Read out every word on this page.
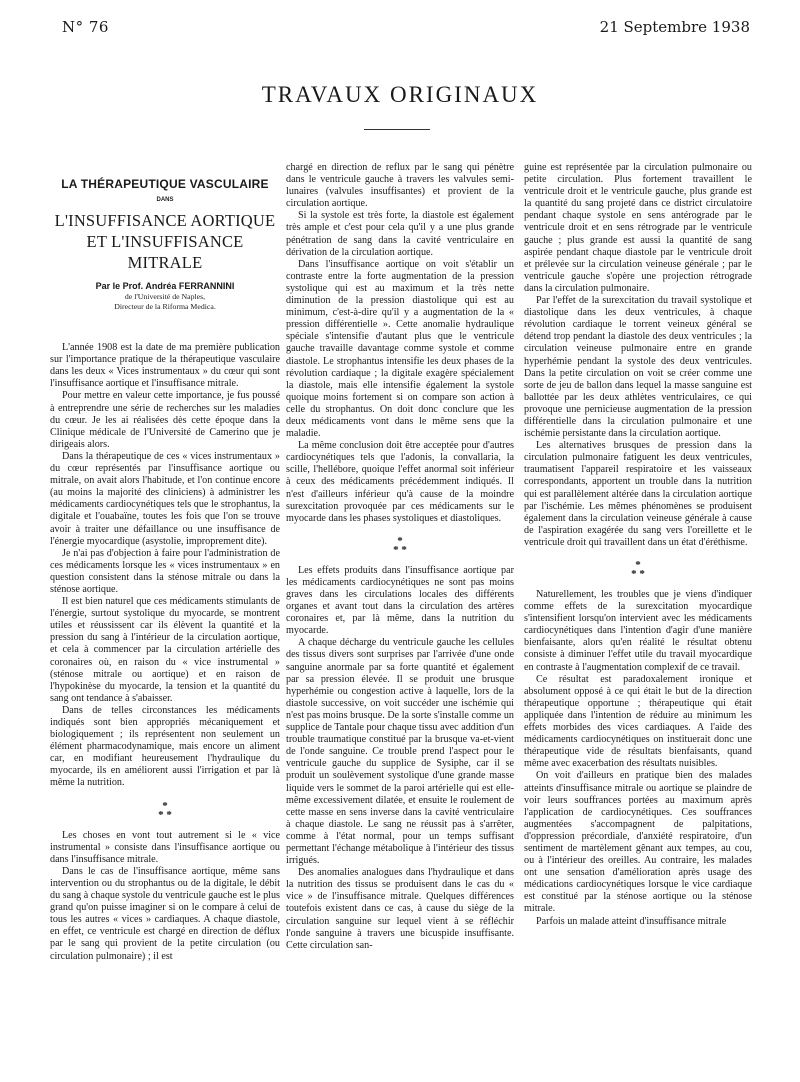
N° 76	21 Septembre 1938
TRAVAUX ORIGINAUX
LA THÉRAPEUTIQUE VASCULAIRE
DANS
L'INSUFFISANCE AORTIQUE
ET L'INSUFFISANCE MITRALE
Par le Prof. Andréa FERRANNINI
de l'Université de Naples,
Directeur de la Riforma Medica.

L'année 1908 est la date de ma première publication sur l'importance pratique de la thérapeutique vasculaire dans les deux « Vices instrumentaux » du cœur qui sont l'insuffisance aortique et l'insuffisance mitrale.

Pour mettre en valeur cette importance, je fus poussé à entreprendre une série de recherches sur les maladies du cœur. Je les ai réalisées dès cette époque dans la Clinique médicale de l'Université de Camerino que je dirigeais alors.

Dans la thérapeutique de ces « vices instrumentaux » du cœur représentés par l'insuffisance aortique ou mitrale, on avait alors l'habitude, et l'on continue encore (au moins la majorité des cliniciens) à administrer les médicaments cardiocynétiques tels que le strophantus, la digitale et l'ouabaïne, toutes les fois que l'on se trouve avoir à traiter une défaillance ou une insuffisance de l'énergie myocardique (asystolie, improprement dite).

Je n'ai pas d'objection à faire pour l'administration de ces médicaments lorsque les « vices instrumentaux » en question consistent dans la sténose mitrale ou dans la sténose aortique.

Il est bien naturel que ces médicaments stimulants de l'énergie, surtout systolique du myocarde, se montrent utiles et réussissent car ils élèvent la quantité et la pression du sang à l'intérieur de la circulation aortique, et cela à commencer par la circulation artérielle des coronaires où, en raison du « vice instrumental » (sténose mitrale ou aortique) et en raison de l'hypokinèse du myocarde, la tension et la quantité du sang ont tendance à s'abaisser.

Dans de telles circonstances les médicaments indiqués sont bien appropriés mécaniquement et biologiquement ; ils représentent non seulement un élément pharmacodynamique, mais encore un aliment car, en modifiant heureusement l'hydraulique du myocarde, ils en améliorent aussi l'irrigation et par là même la nutrition.

*
* *

Les choses en vont tout autrement si le « vice instrumental » consiste dans l'insuffisance aortique ou dans l'insuffisance mitrale.

Dans le cas de l'insuffisance aortique, même sans intervention ou du strophantus ou de la digitale, le débit du sang à chaque systole du ventricule gauche est le plus grand qu'on puisse imaginer si on le compare à celui de tous les autres « vices » cardiaques. A chaque diastole, en effet, ce ventricule est chargé en direction de déflux par le sang qui provient de la petite circulation (ou circulation pulmonaire) ; il est

chargé en direction de reflux par le sang qui pénètre dans le ventricule gauche à travers les valvules semi-lunaires (valvules insuffisantes) et provient de la circulation aortique.

Si la systole est très forte, la diastole est également très ample et c'est pour cela qu'il y a une plus grande pénétration de sang dans la cavité ventriculaire en dérivation de la circulation aortique.

Dans l'insuffisance aortique on voit s'établir un contraste entre la forte augmentation de la pression systolique qui est au maximum et la très nette diminution de la pression diastolique qui est au minimum, c'est-à-dire qu'il y a augmentation de la « pression différentielle ». Cette anomalie hydraulique spéciale s'intensifie d'autant plus que le ventricule gauche travaille davantage comme systole et comme diastole. Le strophantus intensifie les deux phases de la révolution cardiaque ; la digitale exagère spécialement la diastole, mais elle intensifie également la systole quoique moins fortement si on compare son action à celle du strophantus. On doit donc conclure que les deux médicaments vont dans le même sens que la maladie.

La même conclusion doit être acceptée pour d'autres cardiocynétiques tels que l'adonis, la convallaria, la scille, l'hellébore, quoique l'effet anormal soit inférieur à ceux des médicaments précédemment indiqués. Il n'est d'ailleurs inférieur qu'à cause de la moindre surexcitation provoquée par ces médicaments sur le myocarde dans les phases systoliques et diastoliques.

*
* *

Les effets produits dans l'insuffisance aortique par les médicaments cardiocynétiques ne sont pas moins graves dans les circulations locales des différents organes et avant tout dans la circulation des artères coronaires et, par là même, dans la nutrition du myocarde.

A chaque décharge du ventricule gauche les cellules des tissus divers sont surprises par l'arrivée d'une onde sanguine anormale par sa forte quantité et également par sa pression élevée. Il se produit une brusque hyperhémie ou congestion active à laquelle, lors de la diastole successive, on voit succéder une ischémie qui n'est pas moins brusque. De la sorte s'installe comme un supplice de Tantale pour chaque tissu avec addition d'un trouble traumatique constitué par la brusque va-et-vient de l'onde sanguine. Ce trouble prend l'aspect pour le ventricule gauche du supplice de Sysiphe, car il se produit un soulèvement systolique d'une grande masse liquide vers le sommet de la paroi artérielle qui est elle-même excessivement dilatée, et ensuite le roulement de cette masse en sens inverse dans la cavité ventriculaire à chaque diastole. Le sang ne réussit pas à s'arrêter, comme à l'état normal, pour un temps suffisant permettant l'échange métabolique à l'intérieur des tissus irrigués.

Des anomalies analogues dans l'hydraulique et dans la nutrition des tissus se produisent dans le cas du « vice » de l'insuffisance mitrale. Quelques différences toutefois existent dans ce cas, à cause du siège de la circulation sanguine sur lequel vient à se réfléchir l'onde sanguine à travers une bicuspide insuffisante. Cette circulation san-

guine est représentée par la circulation pulmonaire ou petite circulation. Plus fortement travaillent le ventricule droit et le ventricule gauche, plus grande est la quantité du sang projeté dans ce district circulatoire pendant chaque systole en sens antérograde par le ventricule droit et en sens rétrograde par le ventricule gauche ; plus grande est aussi la quantité de sang aspirée pendant chaque diastole par le ventricule droit et prélevée sur la circulation veineuse générale ; par le ventricule gauche s'opère une projection rétrograde dans la circulation pulmonaire.

Par l'effet de la surexcitation du travail systolique et diastolique dans les deux ventricules, à chaque révolution cardiaque le torrent veineux général se détend trop pendant la diastole des deux ventricules ; la circulation veineuse pulmonaire entre en grande hyperhémie pendant la systole des deux ventricules. Dans la petite circulation on voit se créer comme une sorte de jeu de ballon dans lequel la masse sanguine est ballottée par les deux athlètes ventriculaires, ce qui provoque une pernicieuse augmentation de la pression différentielle dans la circulation pulmonaire et une ischémie persistante dans la circulation aortique.

Les alternatives brusques de pression dans la circulation pulmonaire fatiguent les deux ventricules, traumatisent l'appareil respiratoire et les vaisseaux correspondants, apportent un trouble dans la nutrition qui est parallèlement altérée dans la circulation aortique par l'ischémie. Les mêmes phénomènes se produisent également dans la circulation veineuse générale à cause de l'aspiration exagérée du sang vers l'oreillette et le ventricule droit qui travaillent dans un état d'éréthisme.

*
* *

Naturellement, les troubles que je viens d'indiquer comme effets de la surexcitation myocardique s'intensifient lorsqu'on intervient avec les médicaments cardiocynétiques dans l'intention d'agir d'une manière bienfaisante, alors qu'en réalité le résultat obtenu consiste à diminuer l'effet utile du travail myocardique en contraste à l'augmentation complexif de ce travail.

Ce résultat est paradoxalement ironique et absolument opposé à ce qui était le but de la direction thérapeutique opportune ; thérapeutique qui était appliquée dans l'intention de réduire au minimum les effets morbides des vices cardiaques. A l'aide des médicaments cardiocynétiques on instituerait donc une thérapeutique vide de résultats bienfaisants, quand même avec exacerbation des résultats nuisibles.

On voit d'ailleurs en pratique bien des malades atteints d'insuffisance mitrale ou aortique se plaindre de voir leurs souffrances portées au maximum après l'application de cardiocynétiques. Ces souffrances augmentées s'accompagnent de palpitations, d'oppression précordiale, d'anxiété respiratoire, d'un sentiment de martèlement gênant aux tempes, au cou, ou à l'intérieur des oreilles. Au contraire, les malades ont une sensation d'amélioration après usage des médications cardiocynétiques lorsque le vice cardiaque est constitué par la sténose aortique ou la sténose mitrale.

Parfois un malade atteint d'insuffisance mitrale
